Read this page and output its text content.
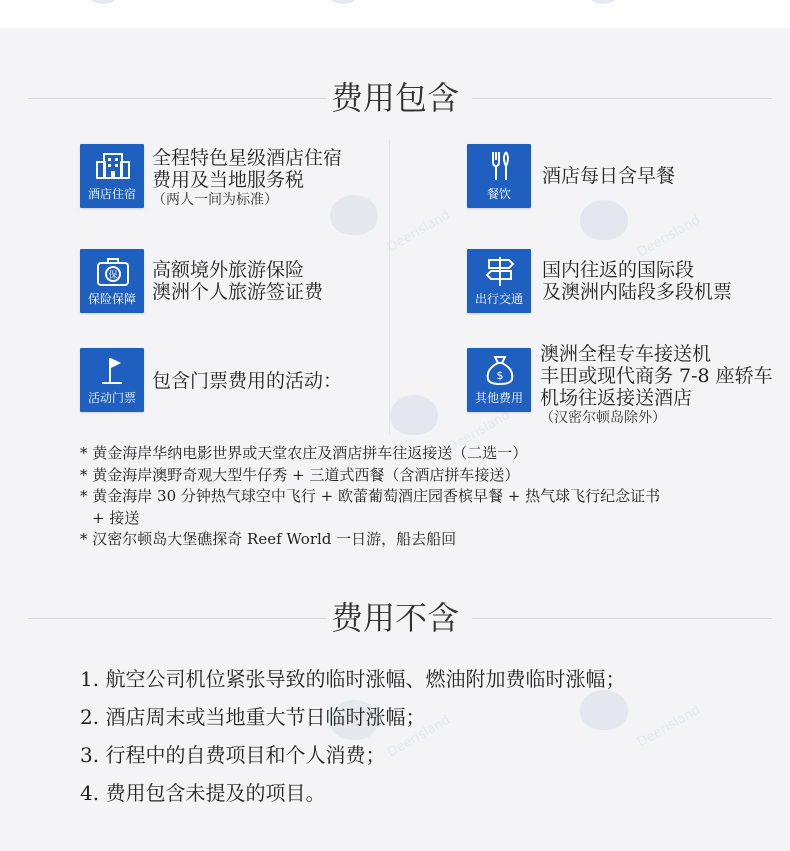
Deerisland	Deerisland
Deerisland
Deerisland
Deerisland
费用包含
酒店住宿
全程特色星级酒店住宿
费用及当地服务税
（两人一间为标准）	餐饮
酒店每日含早餐
保
保险保障
高额境外旅游保险
澳洲个人旅游签证费	出行交通
国内往返的国际段
及澳洲内陆段多段机票
活动门票
包含门票费用的活动：	$
其他费用
澳洲全程专车接送机
丰田或现代商务 7-8 座轿车
机场往返接送酒店
（汉密尔顿岛除外）
* 黄金海岸华纳电影世界或天堂农庄及酒店拼车往返接送（二选一）
* 黄金海岸澳野奇观大型牛仔秀 + 三道式西餐（含酒店拼车接送）
* 黄金海岸 30 分钟热气球空中飞行 + 欧蕾葡萄酒庄园香槟早餐 + 热气球飞行纪念证书
+ 接送
* 汉密尔顿岛大堡礁探奇 Reef World 一日游，船去船回
费用不含
1. 航空公司机位紧张导致的临时涨幅、燃油附加费临时涨幅；
2. 酒店周末或当地重大节日临时涨幅；
3. 行程中的自费项目和个人消费；
4. 费用包含未提及的项目。
